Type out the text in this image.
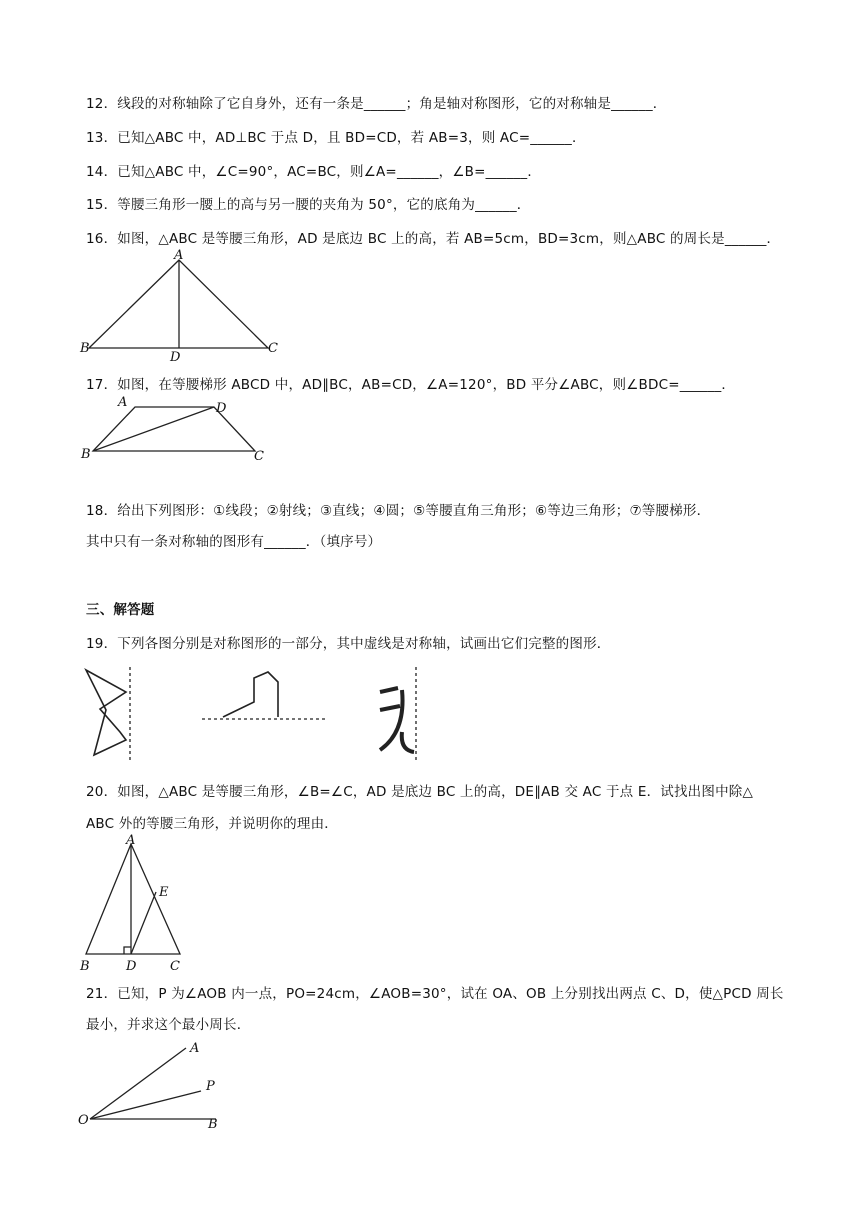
12．线段的对称轴除了它自身外，还有一条是______；角是轴对称图形，它的对称轴是______．
13．已知△ABC 中，AD⊥BC 于点 D，且 BD=CD，若 AB=3，则 AC=______．
14．已知△ABC 中，∠C=90°，AC=BC，则∠A=______，∠B=______．
15．等腰三角形一腰上的高与另一腰的夹角为 50°，它的底角为______．
16．如图，△ABC 是等腰三角形，AD 是底边 BC 上的高，若 AB=5cm，BD=3cm，则△ABC 的周长是______．
A
B	C
D
17．如图，在等腰梯形 ABCD 中，AD∥BC，AB=CD，∠A=120°，BD 平分∠ABC，则∠BDC=______．
A	D
B	C
18．给出下列图形：①线段；②射线；③直线；④圆；⑤等腰直角三角形；⑥等边三角形；⑦等腰梯形．
其中只有一条对称轴的图形有______．（填序号）
三、解答题
19．下列各图分别是对称图形的一部分，其中虚线是对称轴，试画出它们完整的图形．
20．如图，△ABC 是等腰三角形，∠B=∠C，AD 是底边 BC 上的高，DE∥AB 交 AC 于点 E．试找出图中除△
ABC 外的等腰三角形，并说明你的理由．
A
E
B	D	C
21．已知，P 为∠AOB 内一点，PO=24cm，∠AOB=30°，试在 OA、OB 上分别找出两点 C、D，使△PCD 周长
最小，并求这个最小周长．
A
P
O	B
